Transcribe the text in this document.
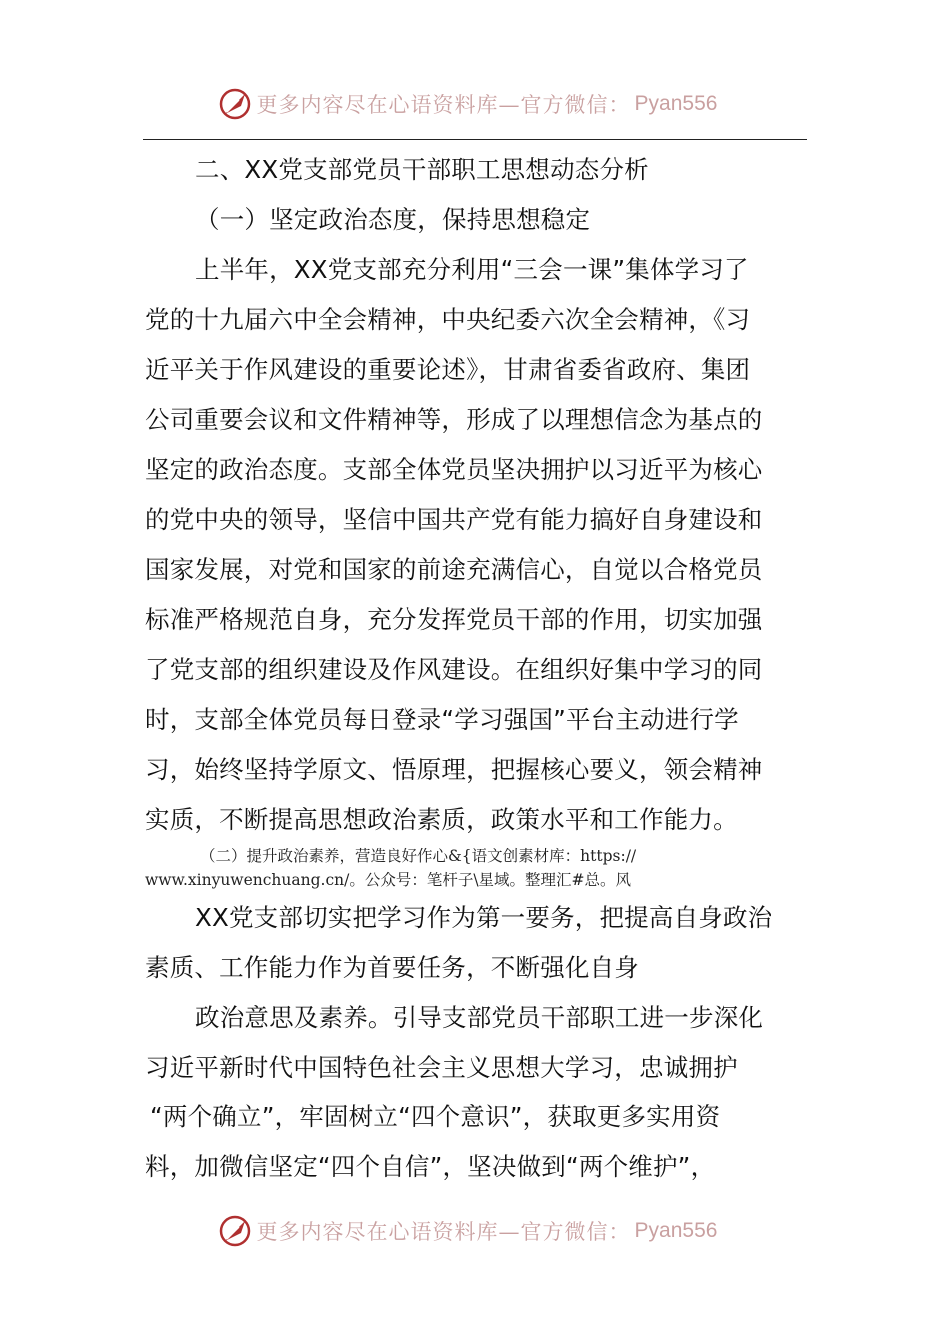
更多内容尽在心语资料库—官方微信： Pyan556
二、XX党支部党员干部职工思想动态分析
（一）坚定政治态度，保持思想稳定
上半年，XX党支部充分利用“三会一课”集体学习了
党的十九届六中全会精神，中央纪委六次全会精神，《习
近平关于作风建设的重要论述》，甘肃省委省政府、集团
公司重要会议和文件精神等，形成了以理想信念为基点的
坚定的政治态度。支部全体党员坚决拥护以习近平为核心
的党中央的领导，坚信中国共产党有能力搞好自身建设和
国家发展，对党和国家的前途充满信心，自觉以合格党员
标准严格规范自身，充分发挥党员干部的作用，切实加强
了党支部的组织建设及作风建设。在组织好集中学习的同
时，支部全体党员每日登录“学习强国”平台主动进行学
习，始终坚持学原文、悟原理，把握核心要义，领会精神
实质，不断提高思想政治素质，政策水平和工作能力。
（二）提升政治素养，营造良好作心&{语文创素材库：https://
www.xinyuwenchuang.cn/。公众号：笔杆子\星域。整理汇#总。风
XX党支部切实把学习作为第一要务，把提高自身政治
素质、工作能力作为首要任务，不断强化自身
政治意思及素养。引导支部党员干部职工进一步深化
习近平新时代中国特色社会主义思想大学习，忠诚拥护
“两个确立”，牢固树立“四个意识”，获取更多实用资
料，加微信坚定“四个自信”，坚决做到“两个维护”，
更多内容尽在心语资料库—官方微信： Pyan556
